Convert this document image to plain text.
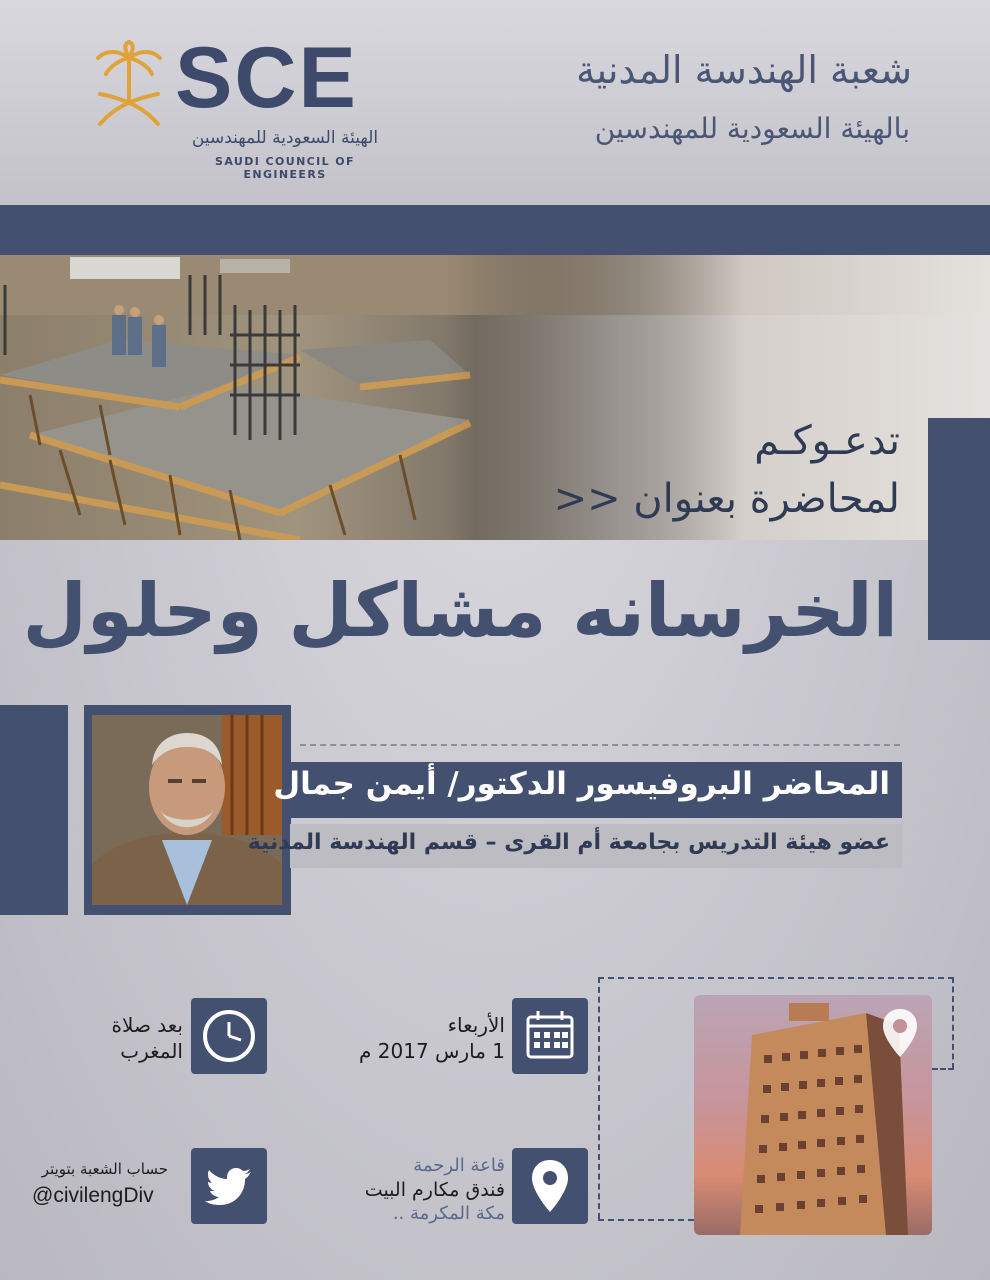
SCE
الهيئة السعودية للمهندسين
SAUDI COUNCIL OF ENGINEERS
شعبة الهندسة المدنية
بالهيئة السعودية للمهندسين
تدعـوكـم
لمحاضرة بعنوان <<
الخرسانه مشاكل وحلول
المحاضر البروفيسور الدكتور/ أيمن جمال
عضو هيئة التدريس بجامعة أم القرى – قسم الهندسة المدنية
الأربعاء
1 مارس 2017 م
بعد صلاة
المغرب
قاعة الرحمة
فندق مكارم البيت
مكة المكرمة ..
حساب الشعبة بتويتر
@civilengDiv
